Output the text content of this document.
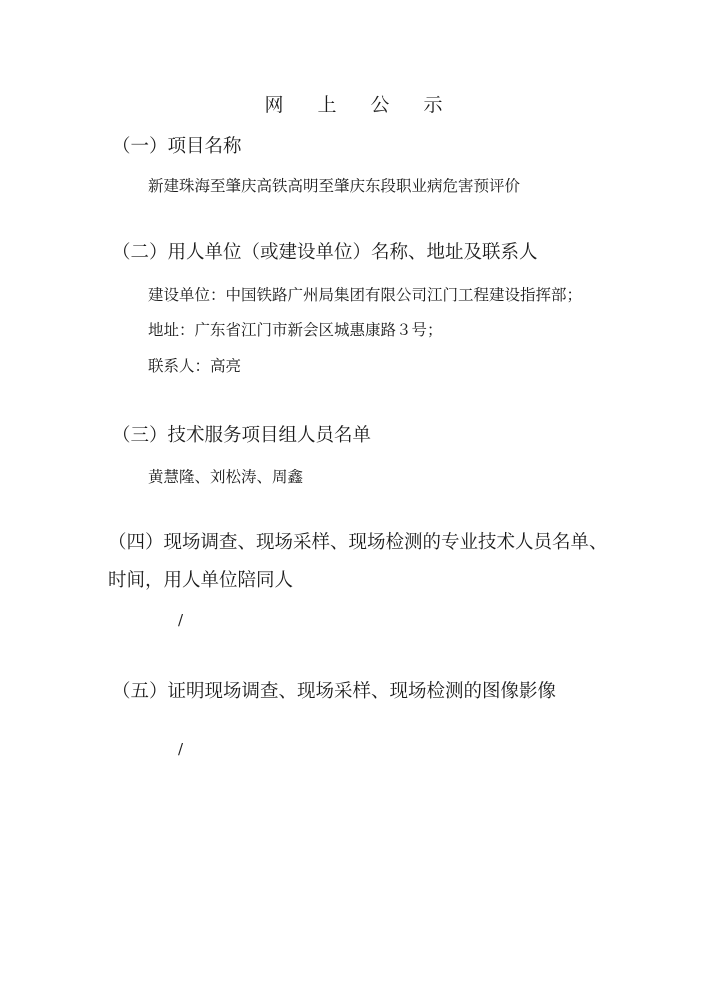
网 上 公 示
（一）项目名称
新建珠海至肇庆高铁高明至肇庆东段职业病危害预评价
（二）用人单位（或建设单位）名称、地址及联系人
建设单位：中国铁路广州局集团有限公司江门工程建设指挥部；
地址：广东省江门市新会区城惠康路３号；
联系人：高亮
（三）技术服务项目组人员名单
黄慧隆、刘松涛、周鑫
（四）现场调查、现场采样、现场检测的专业技术人员名单、
时间，用人单位陪同人
/
（五）证明现场调查、现场采样、现场检测的图像影像
/
